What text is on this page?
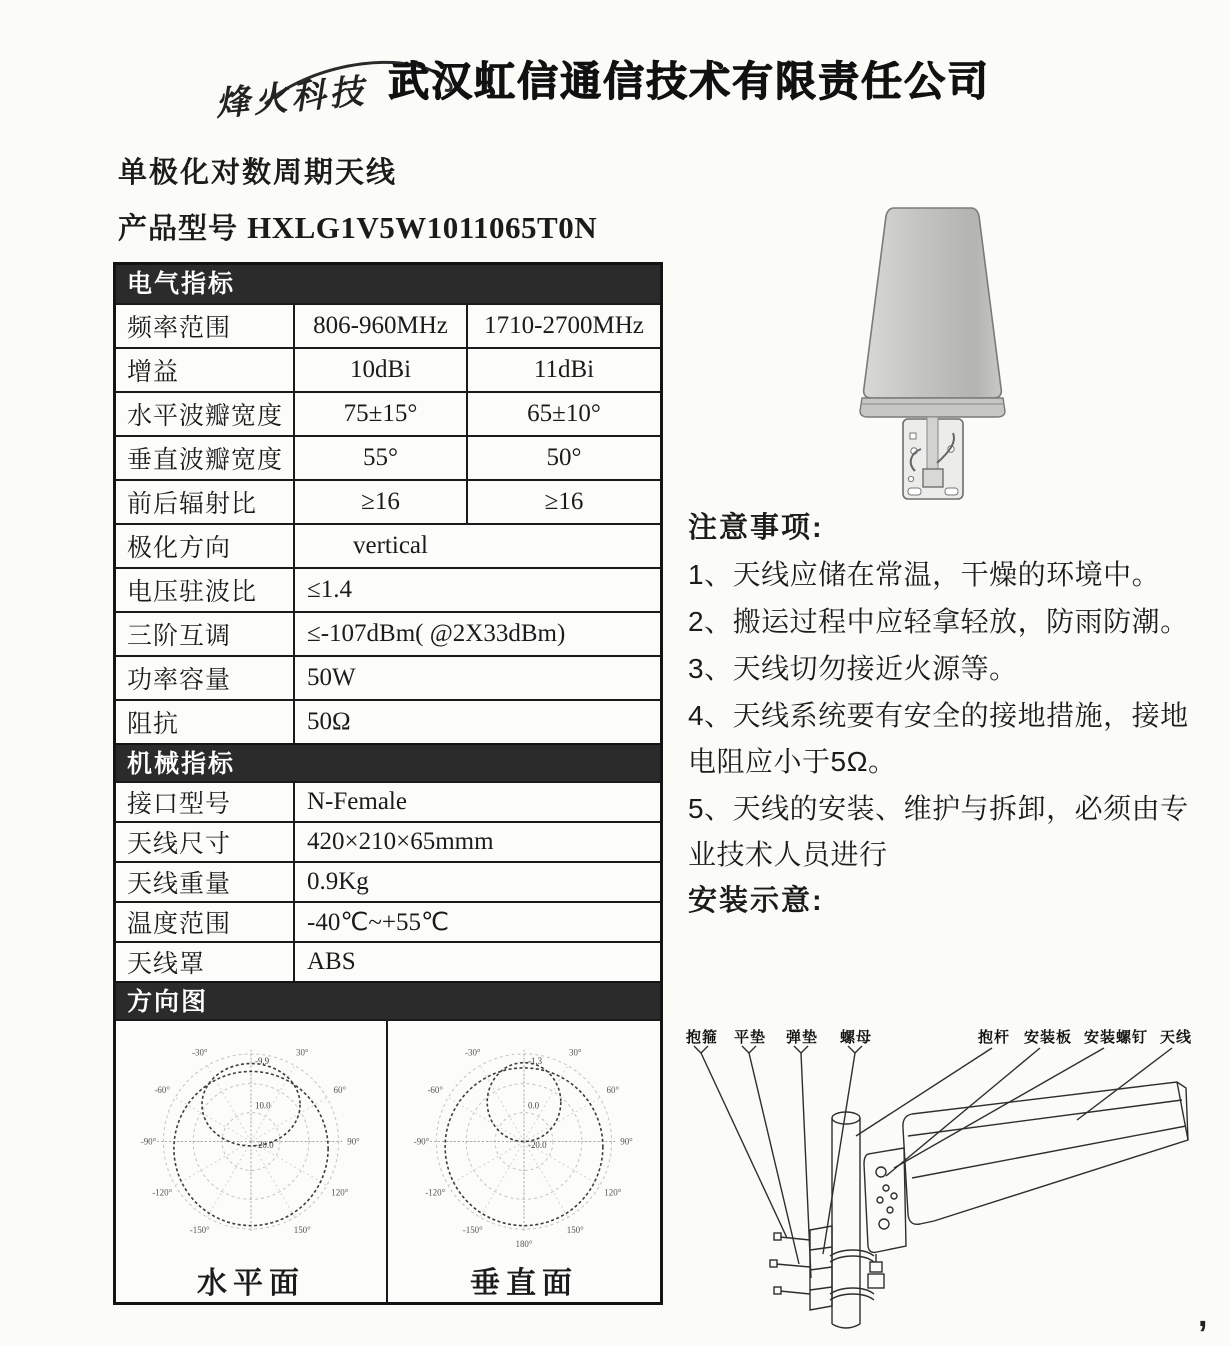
烽火科技 武汉虹信通信技术有限责任公司
单极化对数周期天线
产品型号 HXLG1V5W1011065T0N
电气指标
频率范围	806-960MHz	1710-2700MHz
增益	10dBi	11dBi
水平波瓣宽度	75±15°	65±10°
垂直波瓣宽度	55°	50°
前后辐射比	≥16	≥16
极化方向	vertical
电压驻波比	≤1.4
三阶互调	≤-107dBm( @2X33dBm)
功率容量	50W
阻抗	50Ω
机械指标
接口型号	N-Female
天线尺寸	420×210×65mmm
天线重量	0.9Kg
温度范围	-40℃~+55℃
天线罩	ABS
方向图
-30°	30°
-60°	60°
-90°	90°
-120°	120°
-150°	150°
-9.9
10.0
-20.0
水平面
-30°	30°
-60°	60°
-90°	90°
-120°	120°
-150°	150°
180°
-1.3
0.0
-20.0
垂直面
注意事项:
1、天线应储在常温，干燥的环境中。
2、搬运过程中应轻拿轻放，防雨防潮。
3、天线切勿接近火源等。
4、天线系统要有安全的接地措施，接地电阻应小于5Ω。
5、天线的安装、维护与拆卸，必须由专业技术人员进行
安装示意:
抱箍 平垫 弹垫 螺母	抱杆 安装板 安装螺钉 天线
,
